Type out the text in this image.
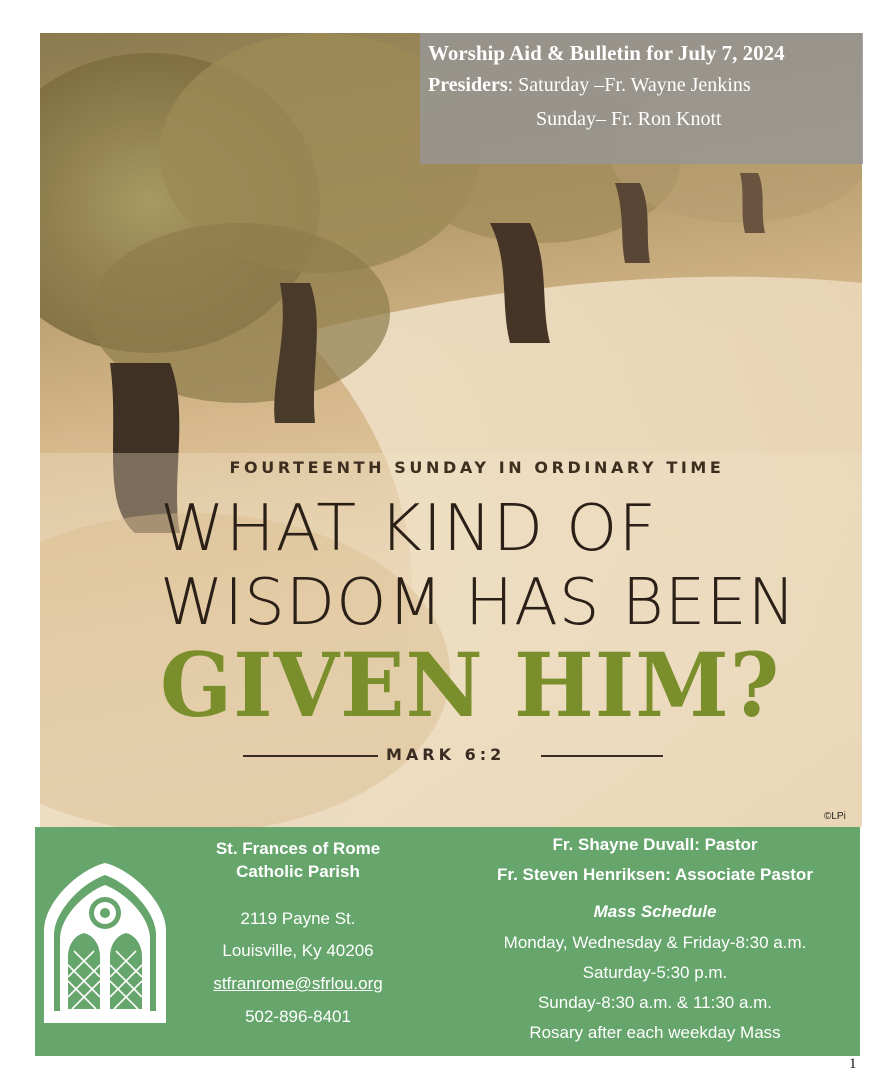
Worship Aid & Bulletin for July 7, 2024
Presiders: Saturday –Fr. Wayne Jenkins
Sunday– Fr. Ron Knott
FOURTEENTH SUNDAY IN ORDINARY TIME
WHAT KIND OF
WISDOM HAS BEEN
GIVEN HIM?
MARK 6:2
©LPi
St. Frances of Rome
Catholic Parish
2119 Payne St.
Louisville, Ky 40206
stfranrome@sfrlou.org
502-896-8401
Fr. Shayne Duvall: Pastor
Fr. Steven Henriksen: Associate Pastor
Mass Schedule
Monday, Wednesday & Friday-8:30 a.m.
Saturday-5:30 p.m.
Sunday-8:30 a.m. & 11:30 a.m.
Rosary after each weekday Mass
1
